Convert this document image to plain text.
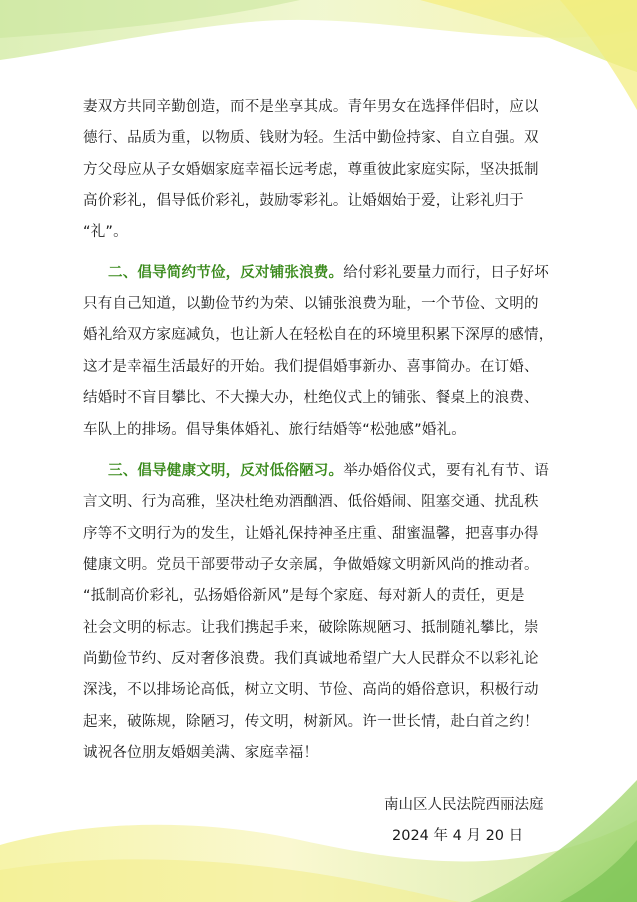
妻双方共同辛勤创造，而不是坐享其成。青年男女在选择伴侣时，应以
德行、品质为重，以物质、钱财为轻。生活中勤俭持家、自立自强。双
方父母应从子女婚姻家庭幸福长远考虑，尊重彼此家庭实际，坚决抵制
高价彩礼，倡导低价彩礼，鼓励零彩礼。让婚姻始于爱，让彩礼归于
“礼”。
二、倡导简约节俭，反对铺张浪费。给付彩礼要量力而行，日子好坏
只有自己知道，以勤俭节约为荣、以铺张浪费为耻，一个节俭、文明的
婚礼给双方家庭减负，也让新人在轻松自在的环境里积累下深厚的感情，
这才是幸福生活最好的开始。我们提倡婚事新办、喜事简办。在订婚、
结婚时不盲目攀比、不大操大办，杜绝仪式上的铺张、餐桌上的浪费、
车队上的排场。倡导集体婚礼、旅行结婚等“松弛感”婚礼。
三、倡导健康文明，反对低俗陋习。举办婚俗仪式，要有礼有节、语
言文明、行为高雅，坚决杜绝劝酒酗酒、低俗婚闹、阻塞交通、扰乱秩
序等不文明行为的发生，让婚礼保持神圣庄重、甜蜜温馨，把喜事办得
健康文明。党员干部要带动子女亲属，争做婚嫁文明新风尚的推动者。
“抵制高价彩礼，弘扬婚俗新风”是每个家庭、每对新人的责任，更是
社会文明的标志。让我们携起手来，破除陈规陋习、抵制随礼攀比，崇
尚勤俭节约、反对奢侈浪费。我们真诚地希望广大人民群众不以彩礼论
深浅，不以排场论高低，树立文明、节俭、高尚的婚俗意识，积极行动
起来，破陈规，除陋习，传文明，树新风。许一世长情，赴白首之约！
诚祝各位朋友婚姻美满、家庭幸福！
南山区人民法院西丽法庭
2024 年 4 月 20 日
